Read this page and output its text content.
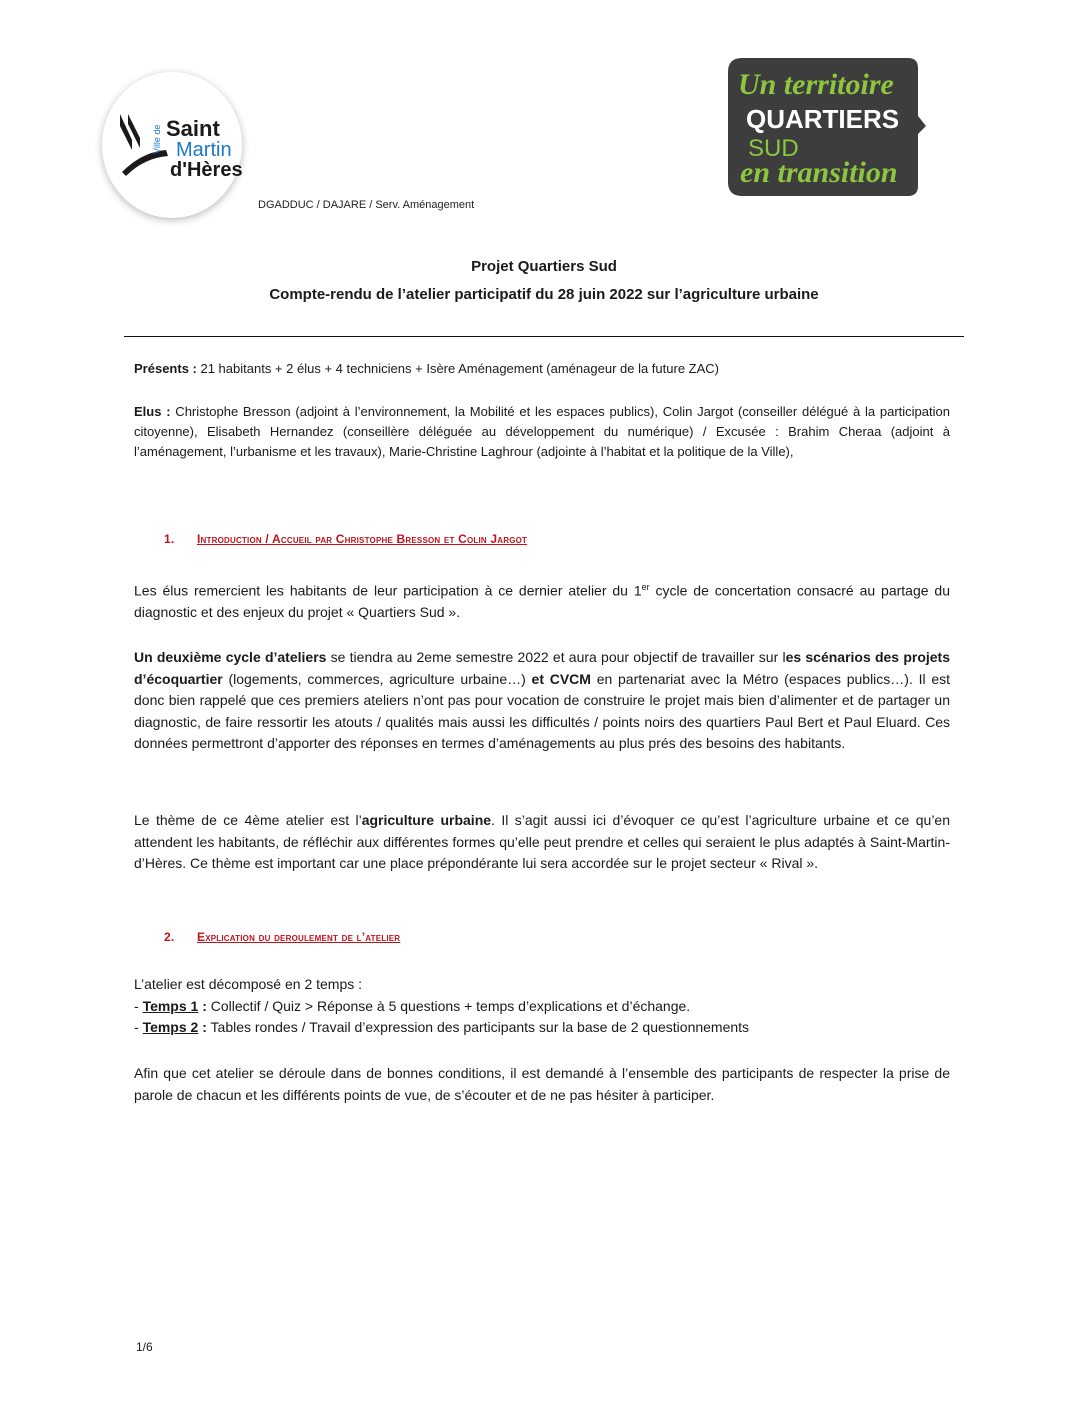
Ville de Saint
Martin
d'Hères
Un territoire
QUARTIERS
SUD
en transition
DGADDUC / DAJARE / Serv. Aménagement
Projet Quartiers Sud
Compte-rendu de l’atelier participatif du 28 juin 2022 sur l’agriculture urbaine

Présents : 21 habitants + 2 élus + 4 techniciens + Isère Aménagement (aménageur de la future ZAC)

Elus : Christophe Bresson (adjoint à l’environnement, la Mobilité et les espaces publics), Colin Jargot (conseiller délégué à la participation citoyenne), Elisabeth Hernandez (conseillère déléguée au développement du numérique) / Excusée : Brahim Cheraa (adjoint à l’aménagement, l’urbanisme et les travaux), Marie-Christine Laghrour (adjointe à l’habitat et la politique de la Ville),

1. Introduction / Accueil par Christophe Bresson et Colin Jargot

Les élus remercient les habitants de leur participation à ce dernier atelier du 1er cycle de concertation consacré au partage du diagnostic et des enjeux du projet « Quartiers Sud ».

Un deuxième cycle d’ateliers se tiendra au 2eme semestre 2022 et aura pour objectif de travailler sur les scénarios des projets d’écoquartier (logements, commerces, agriculture urbaine…) et CVCM en partenariat avec la Métro (espaces publics…). Il est donc bien rappelé que ces premiers ateliers n’ont pas pour vocation de construire le projet mais bien d’alimenter et de partager un diagnostic, de faire ressortir les atouts / qualités mais aussi les difficultés / points noirs des quartiers Paul Bert et Paul Eluard. Ces données permettront d’apporter des réponses en termes d’aménagements au plus prés des besoins des habitants.

Le thème de ce 4ème atelier est l’agriculture urbaine. Il s’agit aussi ici d’évoquer ce qu’est l’agriculture urbaine et ce qu’en attendent les habitants, de réfléchir aux différentes formes qu’elle peut prendre et celles qui seraient le plus adaptés à Saint-Martin-d’Hères. Ce thème est important car une place prépondérante lui sera accordée sur le projet secteur « Rival ».

2. Explication du deroulement de l’atelier
L’atelier est décomposé en 2 temps :
- Temps 1 : Collectif / Quiz > Réponse à 5 questions + temps d’explications et d’échange.
- Temps 2 : Tables rondes / Travail d’expression des participants sur la base de 2 questionnements

Afin que cet atelier se déroule dans de bonnes conditions, il est demandé à l’ensemble des participants de respecter la prise de parole de chacun et les différents points de vue, de s’écouter et de ne pas hésiter à participer.

1/6
